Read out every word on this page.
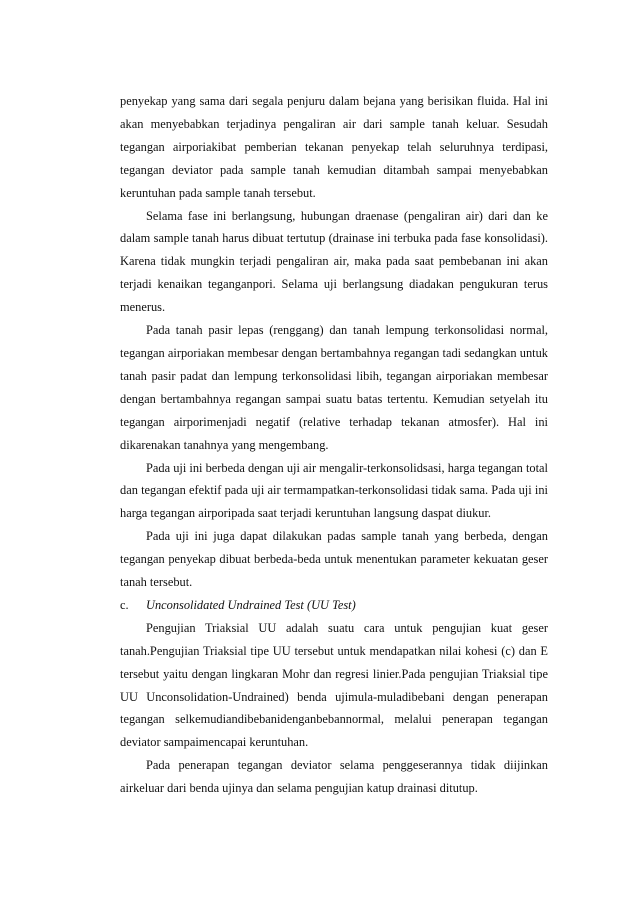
penyekap yang sama dari segala penjuru dalam bejana yang berisikan fluida. Hal ini akan menyebabkan terjadinya pengaliran air dari sample tanah keluar. Sesudah tegangan airporiakibat pemberian tekanan penyekap telah seluruhnya terdipasi, tegangan deviator pada sample tanah kemudian ditambah sampai menyebabkan keruntuhan pada sample tanah tersebut.

Selama fase ini berlangsung, hubungan draenase (pengaliran air) dari dan ke dalam sample tanah harus dibuat tertutup (drainase ini terbuka pada fase konsolidasi). Karena tidak mungkin terjadi pengaliran air, maka pada saat pembebanan ini akan terjadi kenaikan teganganpori. Selama uji berlangsung diadakan pengukuran terus menerus.

Pada tanah pasir lepas (renggang) dan tanah lempung terkonsolidasi normal, tegangan airporiakan membesar dengan bertambahnya regangan tadi sedangkan untuk tanah pasir padat dan lempung terkonsolidasi libih, tegangan airporiakan membesar dengan bertambahnya regangan sampai suatu batas tertentu. Kemudian setyelah itu tegangan airporimenjadi negatif (relative terhadap tekanan atmosfer). Hal ini dikarenakan tanahnya yang mengembang.

Pada uji ini berbeda dengan uji air mengalir-terkonsolidsasi, harga tegangan total dan tegangan efektif pada uji air termampatkan-terkonsolidasi tidak sama. Pada uji ini harga tegangan airporipada saat terjadi keruntuhan langsung daspat diukur.

Pada uji ini juga dapat dilakukan padas sample tanah yang berbeda, dengan tegangan penyekap dibuat berbeda-beda untuk menentukan parameter kekuatan geser tanah tersebut.

c.	Unconsolidated Undrained Test (UU Test)

Pengujian Triaksial UU adalah suatu cara untuk pengujian kuat geser tanah.Pengujian Triaksial tipe UU tersebut untuk mendapatkan nilai kohesi (c) dan E tersebut yaitu dengan lingkaran Mohr dan regresi linier.Pada pengujian Triaksial tipe UU Unconsolidation-Undrained) benda ujimula-muladibebani dengan penerapan tegangan selkemudiandibebanidenganbebannormal, melalui penerapan tegangan deviator sampaimencapai keruntuhan.

Pada penerapan tegangan deviator selama penggeserannya tidak diijinkan airkeluar dari benda ujinya dan selama pengujian katup drainasi ditutup.
